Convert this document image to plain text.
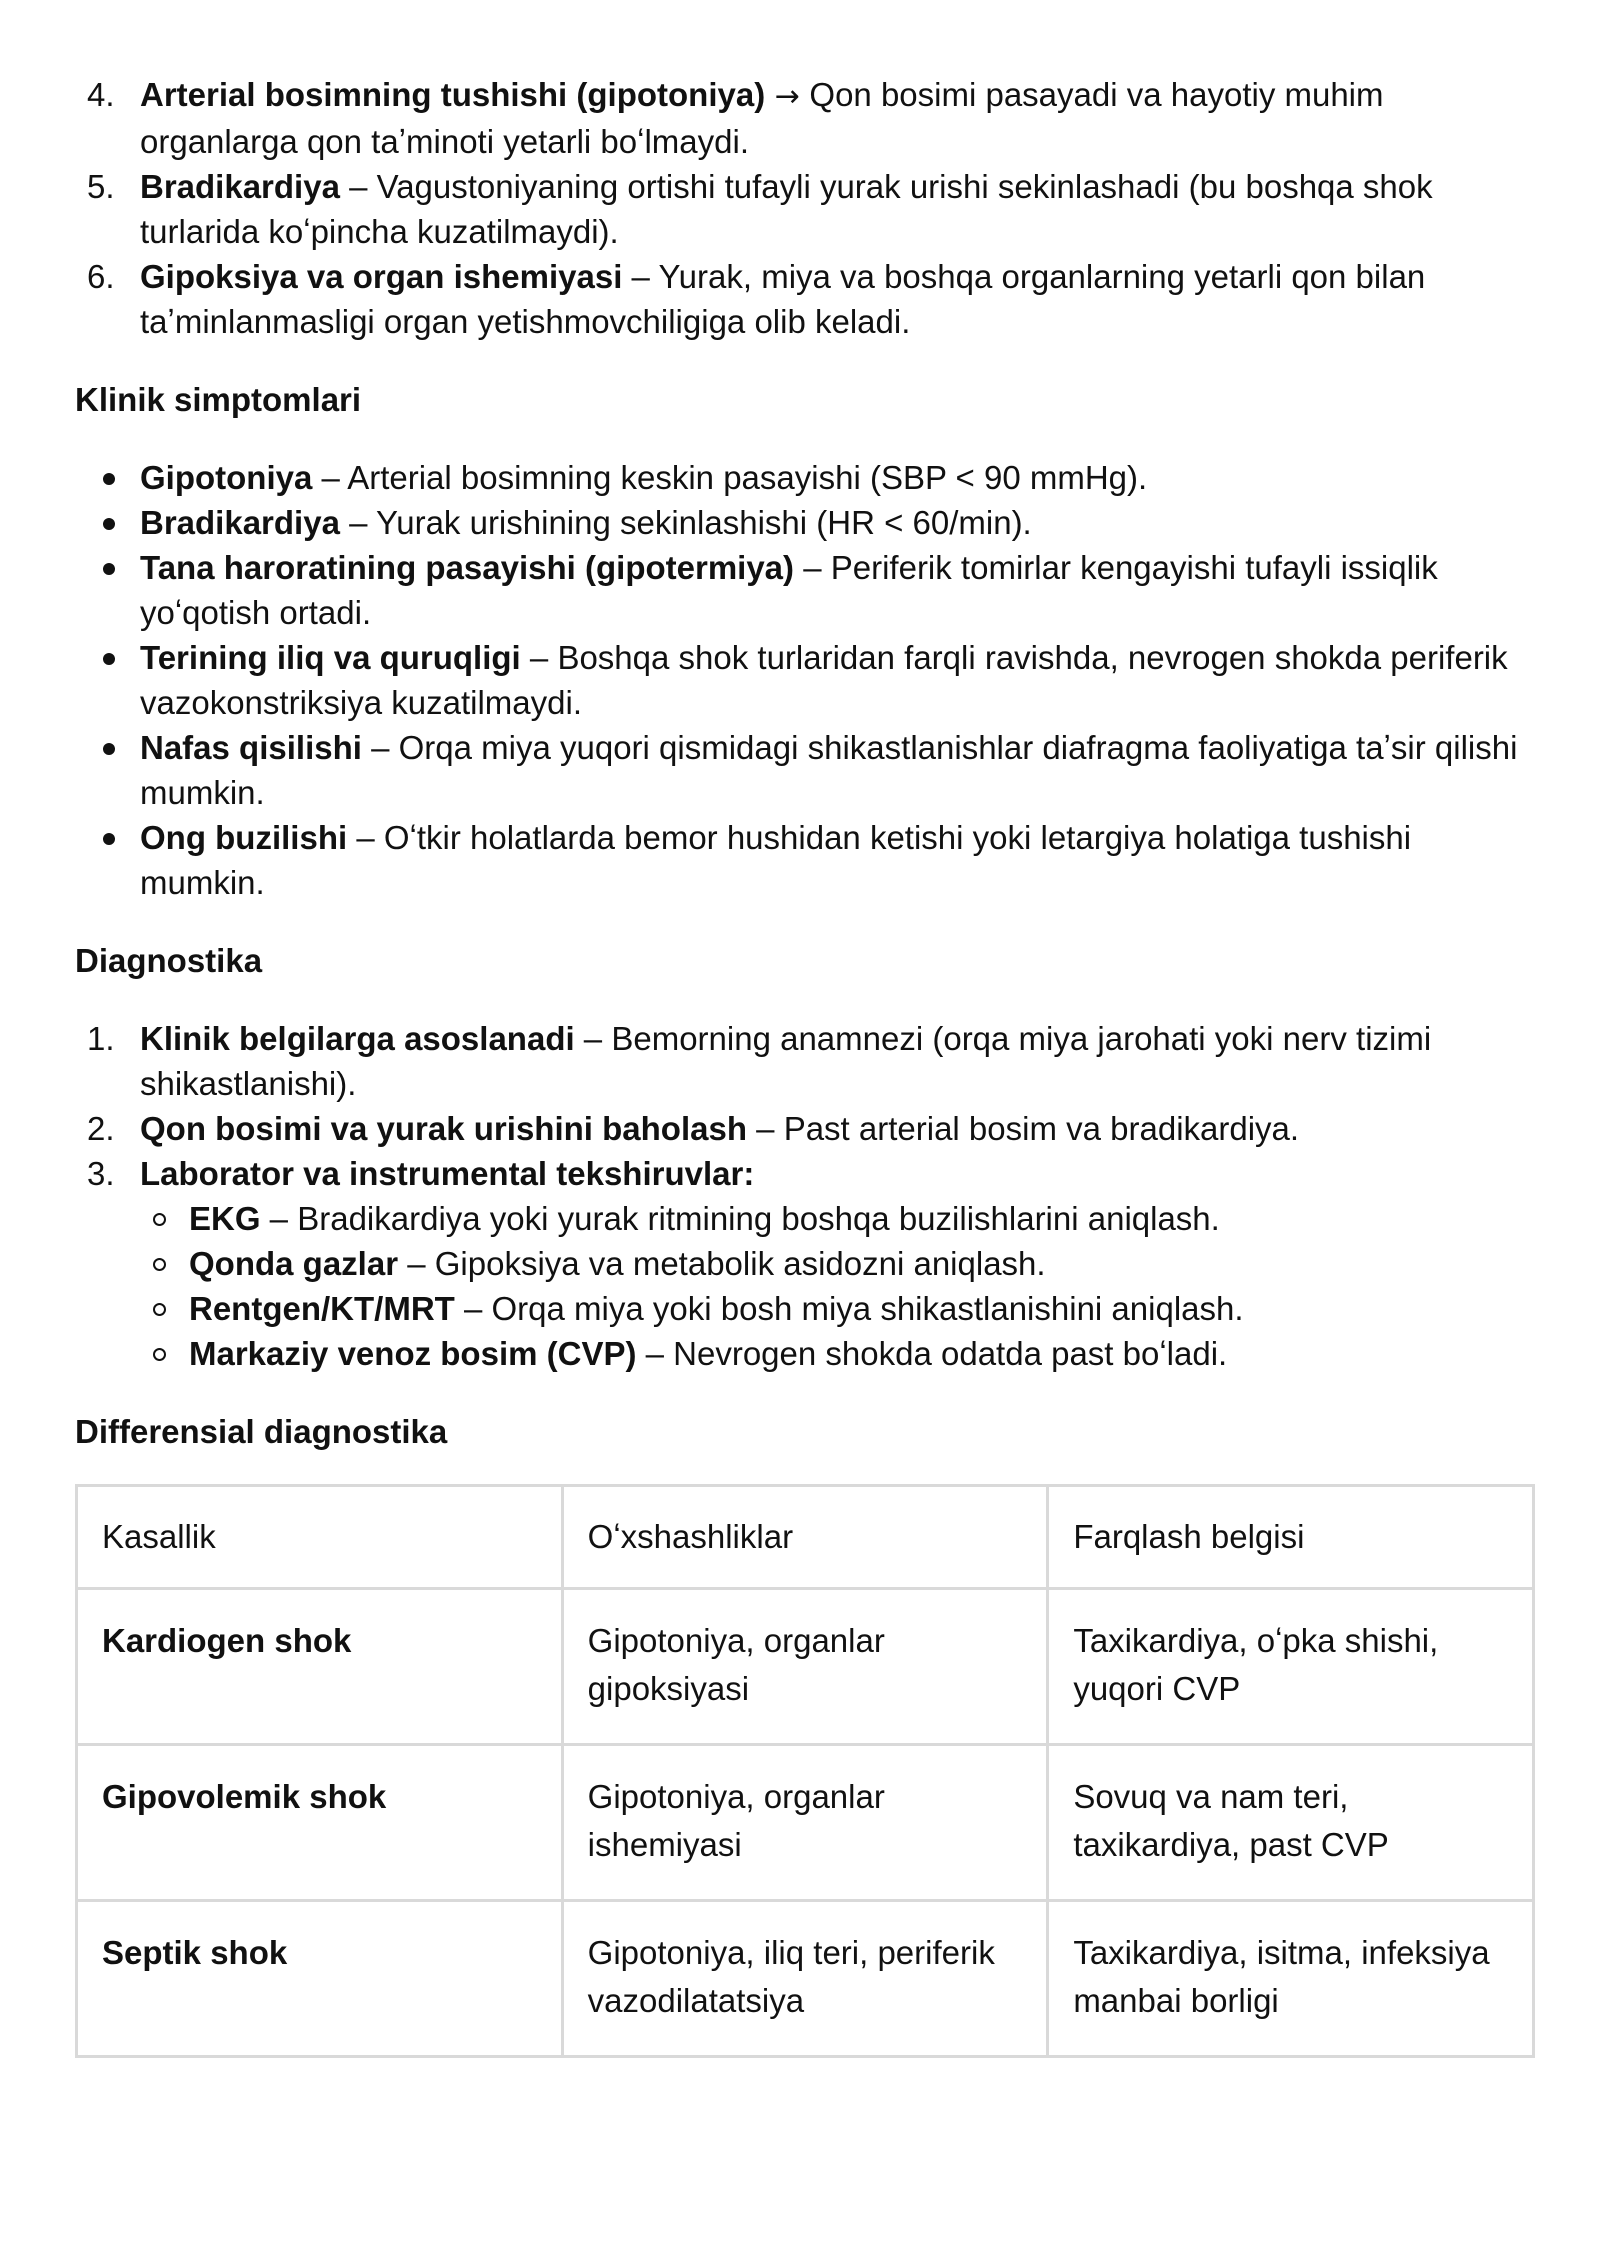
4. Arterial bosimning tushishi (gipotoniya) → Qon bosimi pasayadi va hayotiy muhim organlarga qon taʼminoti yetarli boʻlmaydi.
5. Bradikardiya – Vagustoniyaning ortishi tufayli yurak urishi sekinlashadi (bu boshqa shok turlarida koʻpincha kuzatilmaydi).
6. Gipoksiya va organ ishemiyasi – Yurak, miya va boshqa organlarning yetarli qon bilan taʼminlanmasligi organ yetishmovchiligiga olib keladi.
Klinik simptomlari
Gipotoniya – Arterial bosimning keskin pasayishi (SBP < 90 mmHg).
Bradikardiya – Yurak urishining sekinlashishi (HR < 60/min).
Tana haroratining pasayishi (gipotermiya) – Periferik tomirlar kengayishi tufayli issiqlik yoʻqotish ortadi.
Terining iliq va quruqligi – Boshqa shok turlaridan farqli ravishda, nevrogen shokda periferik vazokonstriksiya kuzatilmaydi.
Nafas qisilishi – Orqa miya yuqori qismidagi shikastlanishlar diafragma faoliyatiga taʼsir qilishi mumkin.
Ong buzilishi – Oʻtkir holatlarda bemor hushidan ketishi yoki letargiya holatiga tushishi mumkin.
Diagnostika
1. Klinik belgilarga asoslanadi – Bemorning anamnezi (orqa miya jarohati yoki nerv tizimi shikastlanishi).
2. Qon bosimi va yurak urishini baholash – Past arterial bosim va bradikardiya.
3. Laborator va instrumental tekshiruvlar:
EKG – Bradikardiya yoki yurak ritmining boshqa buzilishlarini aniqlash.
Qonda gazlar – Gipoksiya va metabolik asidozni aniqlash.
Rentgen/KT/MRT – Orqa miya yoki bosh miya shikastlanishini aniqlash.
Markaziy venoz bosim (CVP) – Nevrogen shokda odatda past boʻladi.
Differensial diagnostika
Kasallik	Oʻxshashliklar	Farqlash belgisi
Kardiogen shok	Gipotoniya, organlar gipoksiyasi	Taxikardiya, oʻpka shishi, yuqori CVP
Gipovolemik shok	Gipotoniya, organlar ishemiyasi	Sovuq va nam teri, taxikardiya, past CVP
Septik shok	Gipotoniya, iliq teri, periferik vazodilatatsiya	Taxikardiya, isitma, infeksiya manbai borligi
